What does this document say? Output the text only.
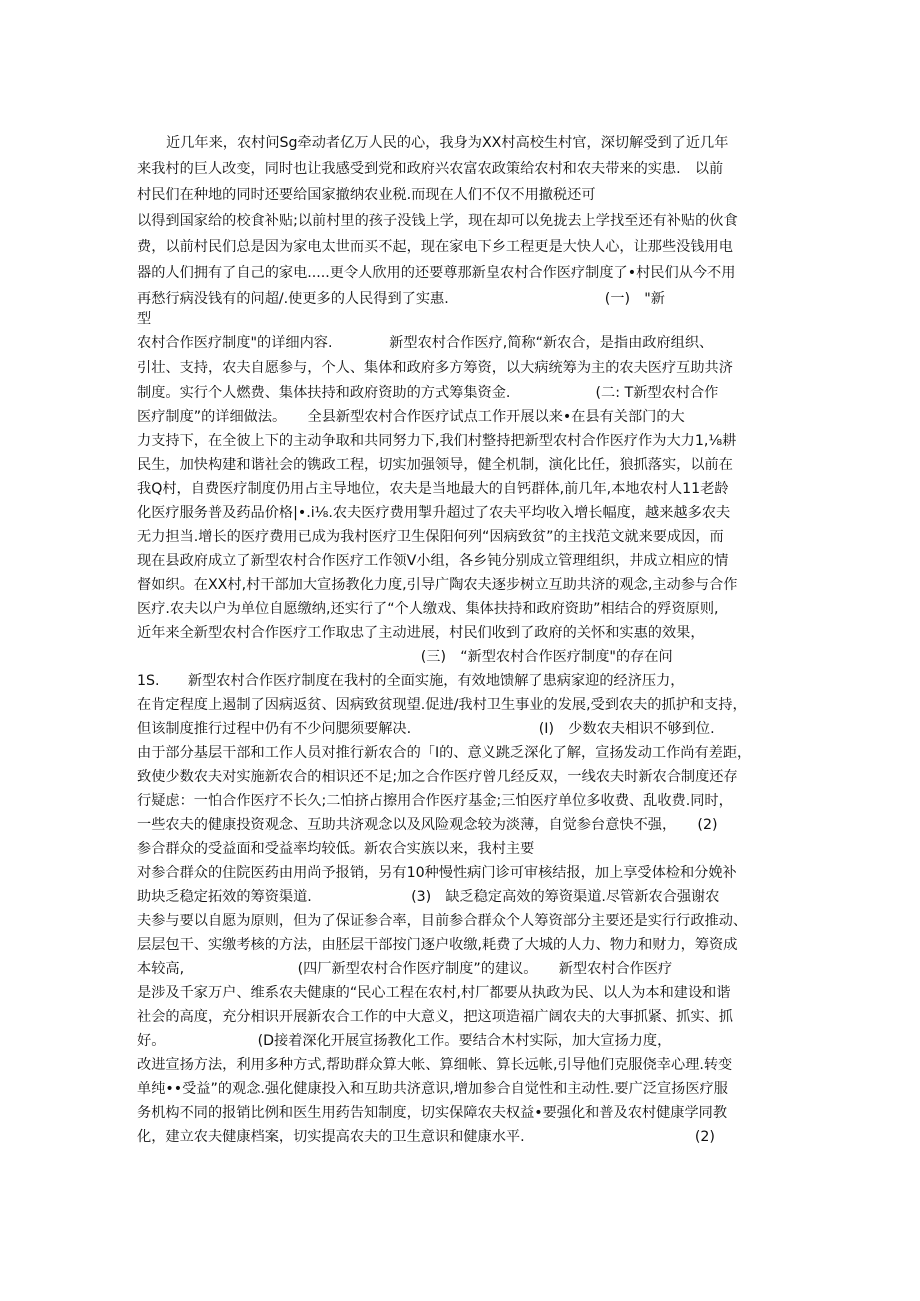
近几年来，农村问Sg牵动者亿万人民的心，我身为XX村高校生村官，深切解受到了近几年
来我村的巨人改变，同时也让我感受到党和政府兴农富农政策给农村和农夫带来的实患.　以前
村民们在种地的同时还要给国家撤纳农业税.而现在人们不仅不用撤税还可
以得到国家给的校食补贴;以前村里的孩子没钱上学，现在却可以免拢去上学找至还有补贴的伙食
费，以前村民们总是因为家电太世而买不起，现在家电下乡工程更是大快人心，让那些没钱用电
器的人们拥有了自己的家电.....更令人欣用的还要尊那新皇农村合作医疗制度了•村民们从今不用
再愁行病没钱有的问超/.使更多的人民得到了实惠.　　　　　　　　　　　(一)　"新
型
农村合作医疗制度"的详细内容.　　　　新型农村合作医疗,简称“新农合，是指由政府组织、
引壮、支持，农夫自愿参与，个人、集体和政府多方筹资，以大病统筹为主的农夫医疗互助共济
制度。实行个人燃费、集体扶持和政府资助的方式筹集资金.　　　　　　(二: T新型农村合作
医疗制度”的详细做法。　　全县新型农村合作医疗试点工作开展以来•在县有关部门的大
力支持下，在全彼上下的主动争取和共同努力下,我们村整持把新型农村合作医疗作为大力1,⅛耕
民生，加快构建和谐社会的镌政工程，切实加强领导，健全机制，演化比任，狼抓落实，以前在
我Q村，自费医疗制度仍用占主导地位，农夫是当地最大的自钙群体,前几年,本地农村人11老龄
化医疗服务普及药品价格|•.i⅛.农夫医疗费用掣升超过了农夫平均收入增长幅度，越来越多农夫
无力担当.增长的医疗费用已成为我村医疗卫生保阳何列“因病致贫”的主找范文就来要成因，而
现在县政府成立了新型农村合作医疗工作领V小组，各乡钝分别成立管理组织，井成立相应的情
督如织。在XX村,村干部加大宣扬教化力度,引导广陶农夫逐步树立互助共济的观念,主动参与合作
医疗.农夫以户为单位自愿缴纳,还实行了“个人缴戏、集体扶持和政府资助”相结合的殍资原则,
近年来全新型农村合作医疗工作取忠了主动进展，村民们收到了政府的关怀和实惠的效果，
　　　　　　　　　　　　　　　　　　　　(三)　“新型农村合作医疗制度"的存在问
1S.　　新型农村合作医疗制度在我村的全面实施，有效地馈解了患病家迎的经济压力，
在肯定程度上遏制了因病返贫、因病致贫现望.促进/我村卫生事业的发展,受到农夫的抓护和支持，
但该制度推行过程中仍有不少问腮须要解决.　　　　　　　　　(I)　少数农夫相识不够到位.
由于部分基层干部和工作人员对推行新农合的「I的、意义跳乏深化了解，宣扬发动工作尚有差距，
致使少数农夫对实施新农合的相识还不足;加之合作医疗曾几经反双，一线农夫时新农合制度还存
行疑虑：一怕合作医疗不长久;二怕挤占擦用合作医疗基金;三怕医疗单位多收费、乱收费.同时，
一些农夫的健康投资观念、互助共济观念以及风险观念较为淡薄，自觉参台意快不强，　　(2)
参合群众的受益面和受益率均较低。新农合实族以来，我村主要
对参合群众的住院医药由用尚予报销，另有10种慢性病门诊可审核结报，加上享受体检和分娩补
助块乏稳定拓效的筹资渠道.　　　　　　　(3)　缺乏稳定高效的筹资渠道.尽管新农合强谢农
夫参与要以自愿为原则，但为了保证参合率，目前参合群众个人筹资部分主要还是实行行政推动、
层层包干、实缴考核的方法，由胚层干部按门逐户收缴,耗费了大城的人力、物力和财力，筹资成
本较高,　　　　　　　　(四厂新型农村合作医疗制度”的建议。　　新型农村合作医疗
是涉及千家万户、维系农夫健康的“民心工程在农村,村厂都要从执政为民、以人为本和建设和谐
社会的高度，充分相识开展新农合工作的中大意义，把这项造福广阔农夫的大事抓紧、抓实、抓
好。　　　　　　　(D接着深化开展宣扬教化工作。要结合木村实际，加大宣扬力度，
改进宣扬方法，利用多种方式,帮助群众算大帐、算细帐、算长远帐,引导他们克服侥幸心理.转变
单纯••受益”的观念.强化健康投入和互助共济意识,增加参合自觉性和主动性.要广泛宣扬医疗服
务机构不同的报销比例和医生用药告知制度，切实保障农夫权益•要强化和普及农村健康学同教
化，建立农夫健康档案，切实提高农夫的卫生意识和健康水平.　　　　　　　　　　　　(2)
